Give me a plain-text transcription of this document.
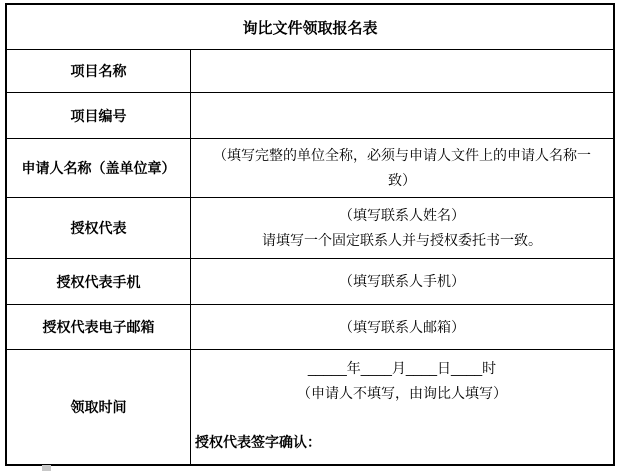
询比文件领取报名表
项目名称
项目编号
申请人名称（盖单位章）
（填写完整的单位全称，必须与申请人文件上的申请人名称一致）
授权代表
（填写联系人姓名）
请填写一个固定联系人并与授权委托书一致。
授权代表手机	（填写联系人手机）
授权代表电子邮箱	（填写联系人邮箱）
领取时间
_____年____月____日____时
（申请人不填写，由询比人填写）
授权代表签字确认：
